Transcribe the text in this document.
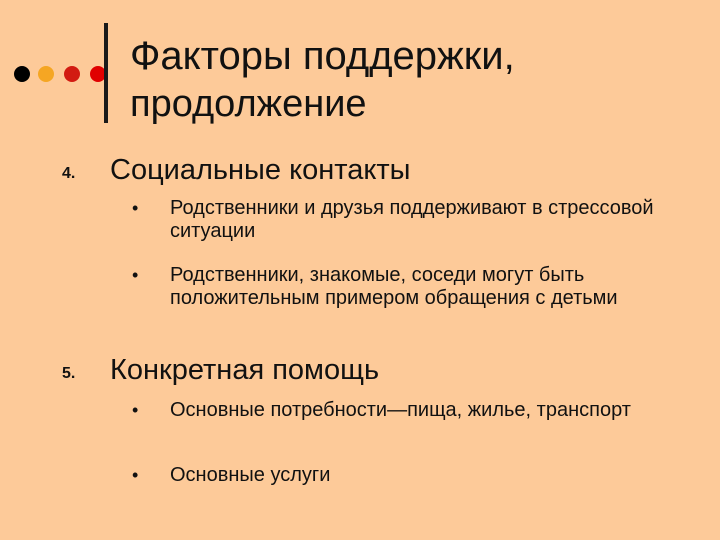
Факторы поддержки,
продолжение
4. Социальные контакты
• Родственники и друзья поддерживают в стрессовой ситуации
• Родственники, знакомые, соседи могут быть положительным примером обращения с детьми
5. Конкретная помощь
• Основные потребности—пища, жилье, транспорт
• Основные услуги
